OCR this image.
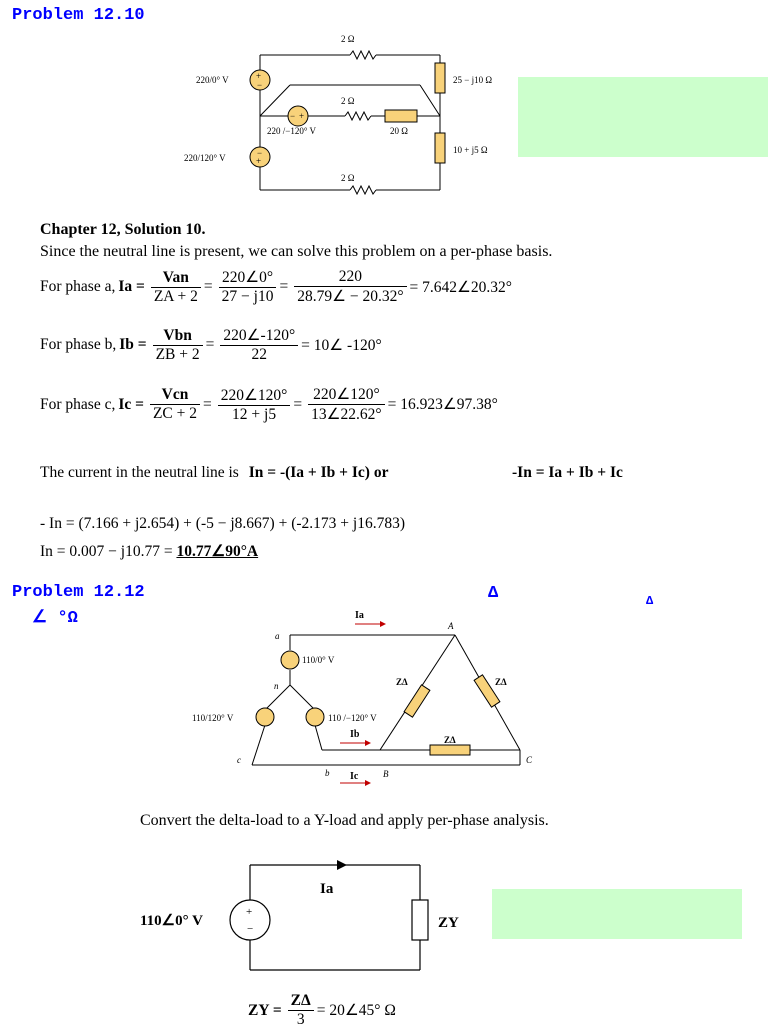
Problem 12.10
+
−
−
+
− +
2 Ω
2 Ω
2 Ω
20 Ω
25 − j10 Ω
10 + j5 Ω
220/0° V
220 /−120° V
220/120° V
Chapter 12, Solution 10.
Since the neutral line is present, we can solve this problem on a per-phase basis.
For phase a, $Ia = \frac{\text{Van}}{ZA + 2} = \frac{220\angle 0^\circ}{27 - j10} = \frac{220}{28.79\angle - 20.32^\circ}$ = 7.642∠20.32°
For phase b, $Ib = \frac{\text{Vbn}}{ZB + 2} = \frac{220\angle-120^\circ}{22}$ = 10∠ -120°
For phase c, $Ic = \frac{\text{Vcn}}{ZC + 2} = \frac{220\angle 120^\circ}{12 + j5} = \frac{220\angle 120^\circ}{13\angle 22.62^\circ}$ = 16.923∠97.38°
The current in the neutral line is In = -(Ia + Ib + Ic) or	-In = Ia + Ib + Ic
- In = (7.166 + j2.654) + (-5 − j8.667) + (-2.173 + j16.783)
In = 0.007 − j10.77 = 10.77∠90°A
Problem 12.12	Δ	Δ
∠ °Ω
a
n
b
c
A
B
C
Ia
Ib
Ic
110/0° V
110 /−120° V
110/120° V
ZΔ	ZΔ
ZΔ
Convert the delta-load to a Y-load and apply per-phase analysis.
+
−
110∠0° V
Ia
ZY
ZY = $\frac{Z\Delta}{3}$ = 20∠45° Ω
